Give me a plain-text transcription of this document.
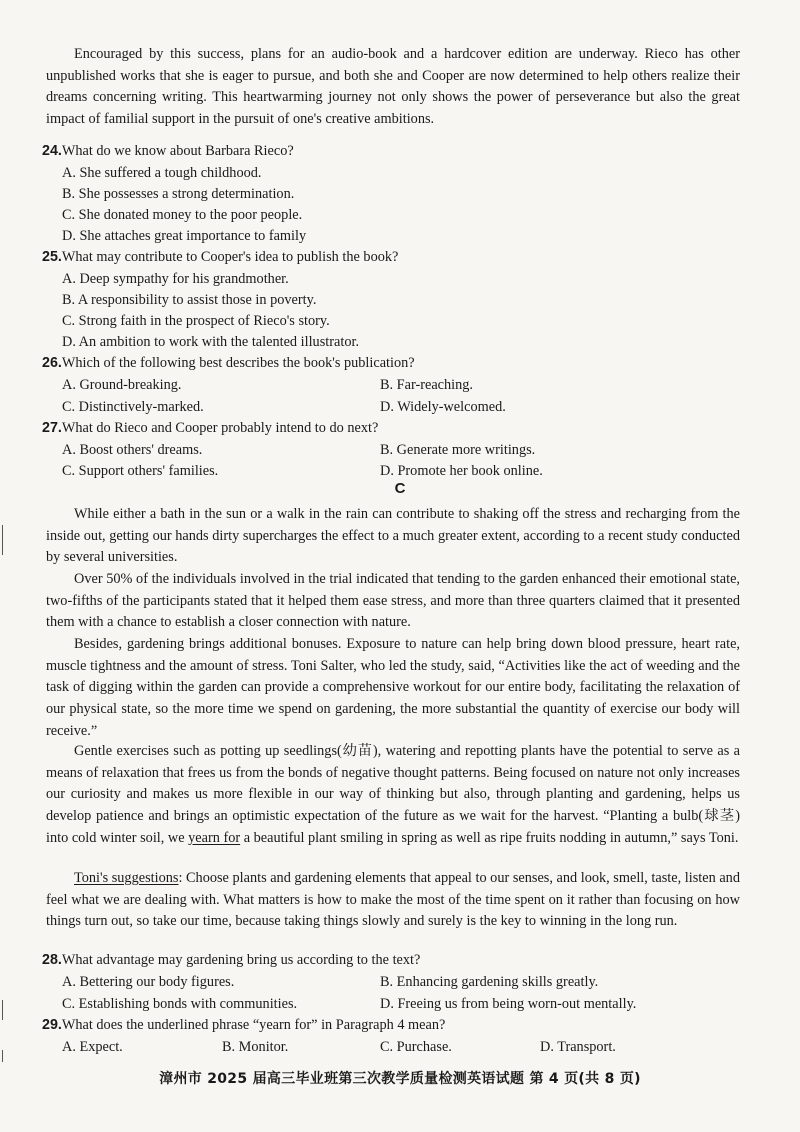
Encouraged by this success, plans for an audio-book and a hardcover edition are underway. Rieco has other unpublished works that she is eager to pursue, and both she and Cooper are now determined to help others realize their dreams concerning writing. This heartwarming journey not only shows the power of perseverance but also the great impact of familial support in the pursuit of one's creative ambitions.

24.What do we know about Barbara Rieco?
A. She suffered a tough childhood.
B. She possesses a strong determination.
C. She donated money to the poor people.
D. She attaches great importance to family
25.What may contribute to Cooper's idea to publish the book?
A. Deep sympathy for his grandmother.
B. A responsibility to assist those in poverty.
C. Strong faith in the prospect of Rieco's story.
D. An ambition to work with the talented illustrator.
26.Which of the following best describes the book's publication?
A. Ground-breaking.	B. Far-reaching.
C. Distinctively-marked.	D. Widely-welcomed.
27.What do Rieco and Cooper probably intend to do next?
A. Boost others' dreams.	B. Generate more writings.
C. Support others' families.	D. Promote her book online.
C

While either a bath in the sun or a walk in the rain can contribute to shaking off the stress and recharging from the inside out, getting our hands dirty supercharges the effect to a much greater extent, according to a recent study conducted by several universities.

Over 50% of the individuals involved in the trial indicated that tending to the garden enhanced their emotional state, two-fifths of the participants stated that it helped them ease stress, and more than three quarters claimed that it presented them with a chance to establish a closer connection with nature.

Besides, gardening brings additional bonuses. Exposure to nature can help bring down blood pressure, heart rate, muscle tightness and the amount of stress. Toni Salter, who led the study, said, “Activities like the act of weeding and the task of digging within the garden can provide a comprehensive workout for our entire body, facilitating the relaxation of our physical state, so the more time we spend on gardening, the more substantial the quantity of exercise our body will receive.”

Gentle exercises such as potting up seedlings(幼苗), watering and repotting plants have the potential to serve as a means of relaxation that frees us from the bonds of negative thought patterns. Being focused on nature not only increases our curiosity and makes us more flexible in our way of thinking but also, through planting and gardening, helps us develop patience and brings an optimistic expectation of the future as we wait for the harvest. “Planting a bulb(球茎) into cold winter soil, we yearn for a beautiful plant smiling in spring as well as ripe fruits nodding in autumn,” says Toni.

Toni's suggestions: Choose plants and gardening elements that appeal to our senses, and look, smell, taste, listen and feel what we are dealing with. What matters is how to make the most of the time spent on it rather than focusing on how things turn out, so take our time, because taking things slowly and surely is the key to winning in the long run.

28.What advantage may gardening bring us according to the text?
A. Bettering our body figures.	B. Enhancing gardening skills greatly.
C. Establishing bonds with communities.	D. Freeing us from being worn-out mentally.
29.What does the underlined phrase “yearn for” in Paragraph 4 mean?
A. Expect.	B. Monitor.	C. Purchase.	D. Transport.
漳州市 2025 届高三毕业班第三次教学质量检测英语试题 第 4 页(共 8 页)
